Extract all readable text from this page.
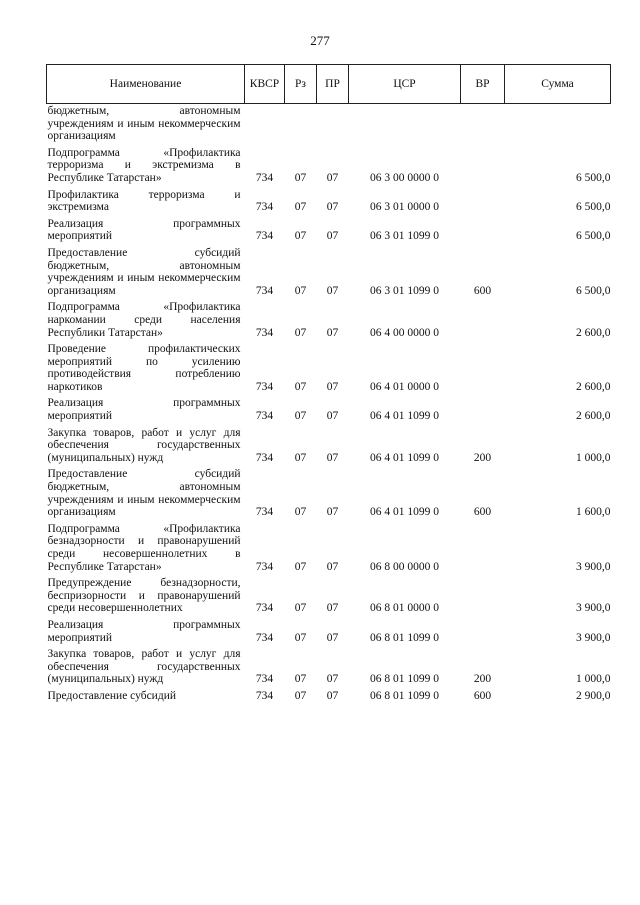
277
Наименование	КВСР	Рз	ПР	ЦСР	ВР	Сумма
бюджетным, автономным учреждениям и иным некоммерческим организациям						
Подпрограмма «Профилактика терроризма и экстремизма в Республике Татарстан»	734	07	07	06 3 00 0000 0		6 500,0
Профилактика терроризма и экстремизма	734	07	07	06 3 01 0000 0		6 500,0
Реализация программных мероприятий	734	07	07	06 3 01 1099 0		6 500,0
Предоставление субсидий бюджетным, автономным учреждениям и иным некоммерческим организациям	734	07	07	06 3 01 1099 0	600	6 500,0
Подпрограмма «Профилактика наркомании среди населения Республики Татарстан»	734	07	07	06 4 00 0000 0		2 600,0
Проведение профилактических мероприятий по усилению противодействия потреблению наркотиков	734	07	07	06 4 01 0000 0		2 600,0
Реализация программных мероприятий	734	07	07	06 4 01 1099 0		2 600,0
Закупка товаров, работ и услуг для обеспечения государственных (муниципальных) нужд	734	07	07	06 4 01 1099 0	200	1 000,0
Предоставление субсидий бюджетным, автономным учреждениям и иным некоммерческим организациям	734	07	07	06 4 01 1099 0	600	1 600,0
Подпрограмма «Профилактика безнадзорности и правонарушений среди несовершеннолетних в Республике Татарстан»	734	07	07	06 8 00 0000 0		3 900,0
Предупреждение безнадзорности, беспризорности и правонарушений среди несовершеннолетних	734	07	07	06 8 01 0000 0		3 900,0
Реализация программных мероприятий	734	07	07	06 8 01 1099 0		3 900,0
Закупка товаров, работ и услуг для обеспечения государственных (муниципальных) нужд	734	07	07	06 8 01 1099 0	200	1 000,0
Предоставление субсидий	734	07	07	06 8 01 1099 0	600	2 900,0
